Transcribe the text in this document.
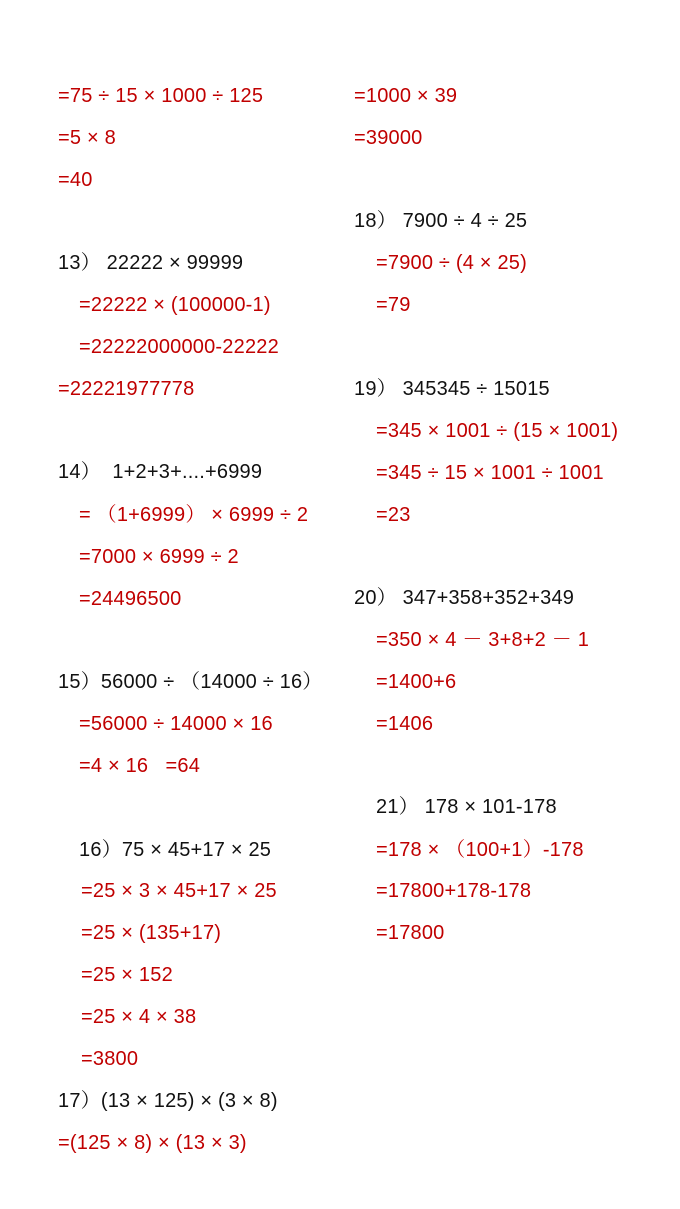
=75 ÷ 15 × 1000 ÷ 125
=5 × 8
=40
13） 22222 × 99999
=22222 × (100000-1)
=22222000000-22222
=22221977778
14）  1+2+3+....+6999
= （1+6999） × 6999 ÷ 2
=7000 × 6999 ÷ 2
=24496500
15）56000 ÷ （14000 ÷ 16）
=56000 ÷ 14000 × 16
=4 × 16   =64
16）75 × 45+17 × 25
=25 × 3 × 45+17 × 25
=25 × (135+17)
=25 × 152
=25 × 4 × 38
=3800
17）(13 × 125) × (3 × 8)
=(125 × 8) × (13 × 3)
=1000 × 39
=39000
18） 7900 ÷ 4 ÷ 25
=7900 ÷ (4 × 25)
=79
19） 345345 ÷ 15015
=345 × 1001 ÷ (15 × 1001)
=345 ÷ 15 × 1001 ÷ 1001
=23
20） 347+358+352+349
=350 × 4 － 3+8+2 － 1
=1400+6
=1406
21） 178 × 101-178
=178 × （100+1）-178
=17800+178-178
=17800
